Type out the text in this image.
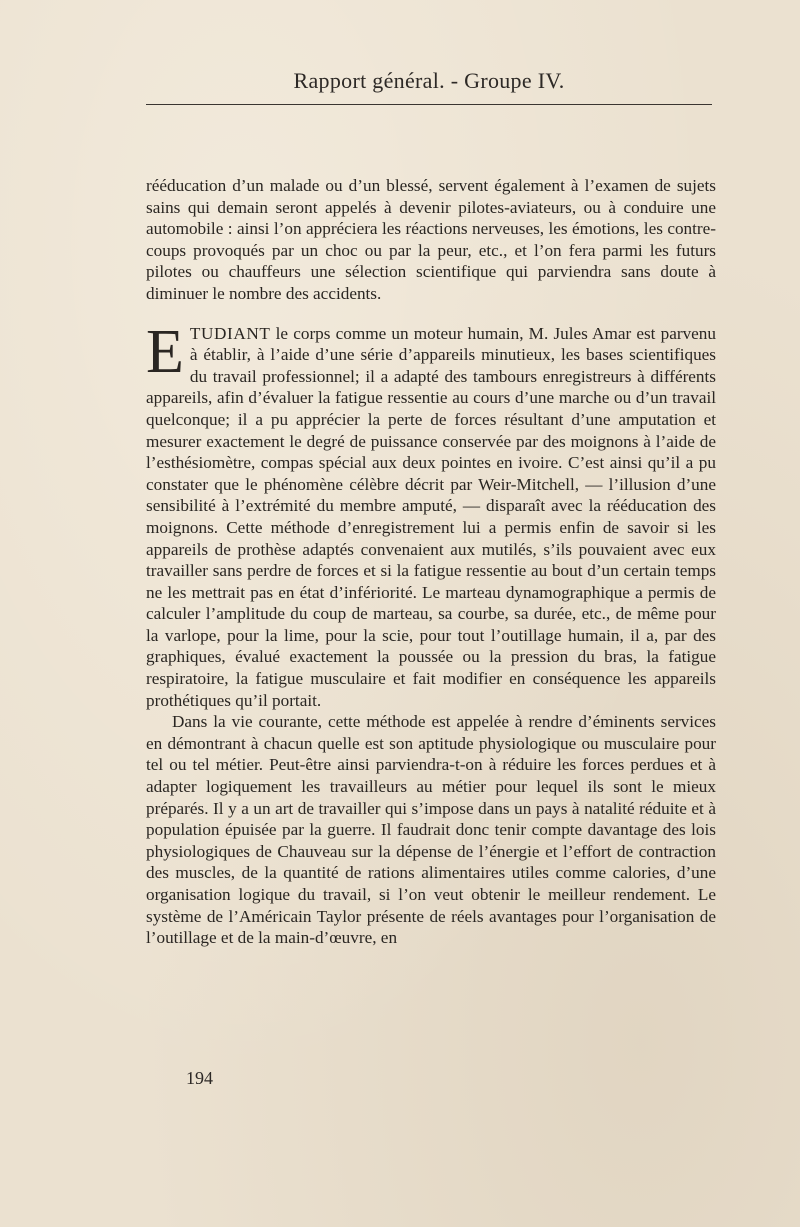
Rapport général. - Groupe IV.

rééducation d’un malade ou d’un blessé, servent également à l’examen de sujets sains qui demain seront appelés à devenir pilotes-aviateurs, ou à conduire une automobile : ainsi l’on appréciera les réactions nerveuses, les émotions, les contre-coups provoqués par un choc ou par la peur, etc., et l’on fera parmi les futurs pilotes ou chauffeurs une sélection scientifique qui parviendra sans doute à diminuer le nombre des accidents.

ETUDIANT le corps comme un moteur humain, M. Jules Amar est parvenu à établir, à l’aide d’une série d’appareils minutieux, les bases scientifiques du travail professionnel; il a adapté des tambours enregistreurs à différents appareils, afin d’évaluer la fatigue ressentie au cours d’une marche ou d’un travail quelconque; il a pu apprécier la perte de forces résultant d’une amputation et mesurer exactement le degré de puissance conservée par des moignons à l’aide de l’esthésiomètre, compas spécial aux deux pointes en ivoire. C’est ainsi qu’il a pu constater que le phénomène célèbre décrit par Weir-Mitchell, — l’illusion d’une sensibilité à l’extrémité du membre amputé, — disparaît avec la rééducation des moignons. Cette méthode d’enregistrement lui a permis enfin de savoir si les appareils de prothèse adaptés convenaient aux mutilés, s’ils pouvaient avec eux travailler sans perdre de forces et si la fatigue ressentie au bout d’un certain temps ne les mettrait pas en état d’infériorité. Le marteau dynamographique a permis de calculer l’amplitude du coup de marteau, sa courbe, sa durée, etc., de même pour la varlope, pour la lime, pour la scie, pour tout l’outillage humain, il a, par des graphiques, évalué exactement la poussée ou la pression du bras, la fatigue respiratoire, la fatigue musculaire et fait modifier en conséquence les appareils prothétiques qu’il portait.

Dans la vie courante, cette méthode est appelée à rendre d’éminents services en démontrant à chacun quelle est son aptitude physiologique ou musculaire pour tel ou tel métier. Peut-être ainsi parviendra-t-on à réduire les forces perdues et à adapter logiquement les travailleurs au métier pour lequel ils sont le mieux préparés. Il y a un art de travailler qui s’impose dans un pays à natalité réduite et à population épuisée par la guerre. Il faudrait donc tenir compte davantage des lois physiologiques de Chauveau sur la dépense de l’énergie et l’effort de contraction des muscles, de la quantité de rations alimentaires utiles comme calories, d’une organisation logique du travail, si l’on veut obtenir le meilleur rendement. Le système de l’Américain Taylor présente de réels avantages pour l’organisation de l’outillage et de la main-d’œuvre, en

194
